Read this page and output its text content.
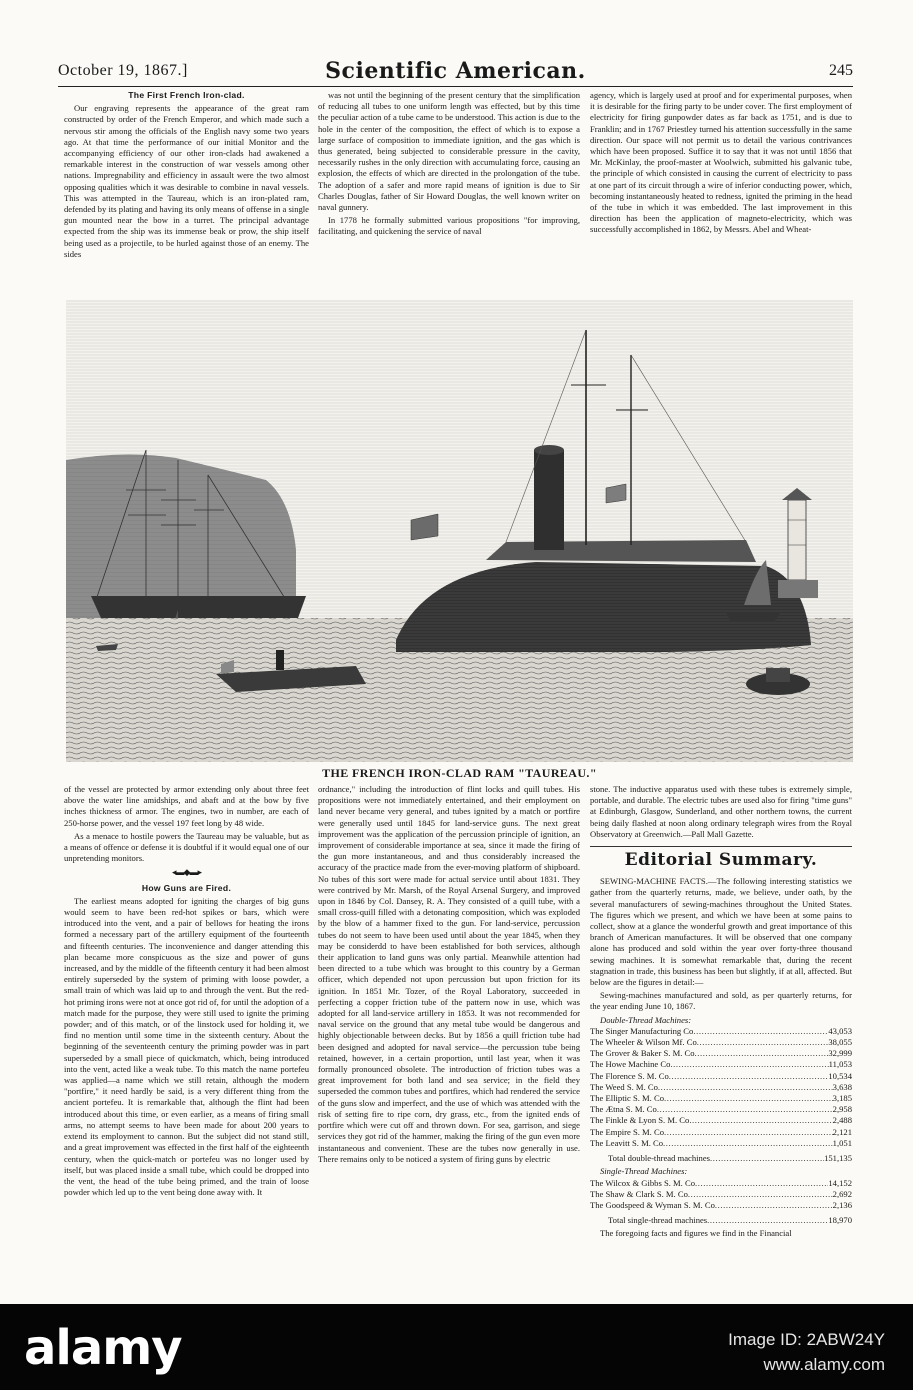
October 19, 1867.]	Scientific American.	245
The First French Iron-clad.

Our engraving represents the appearance of the great ram constructed by order of the French Emperor, and which made such a nervous stir among the officials of the English navy some two years ago. At that time the performance of our initial Monitor and the accompanying efficiency of our other iron-clads had awakened a remarkable interest in the construction of war vessels among other nations. Impregnability and efficiency in assault were the two almost opposing qualities which it was desirable to combine in naval vessels. This was attempted in the Taureau, which is an iron-plated ram, defended by its plating and having its only means of offense in a single gun mounted near the bow in a turret. The principal advantage expected from the ship was its immense beak or prow, the ship itself being used as a projectile, to be hurled against those of an enemy. The sides

was not until the beginning of the present century that the simplification of reducing all tubes to one uniform length was effected, but by this time the peculiar action of a tube came to be understood. This action is due to the hole in the center of the composition, the effect of which is to expose a large surface of composition to immediate ignition, and the gas which is thus generated, being subjected to considerable pressure in the cavity, necessarily rushes in the only direction with accumulating force, causing an explosion, the effects of which are directed in the prolongation of the tube. The adoption of a safer and more rapid means of ignition is due to Sir Charles Douglas, father of Sir Howard Douglas, the well known writer on naval gunnery.

In 1778 he formally submitted various propositions "for improving, facilitating, and quickening the service of naval

agency, which is largely used at proof and for experimental purposes, when it is desirable for the firing party to be under cover. The first employment of electricity for firing gunpowder dates as far back as 1751, and is due to Franklin; and in 1767 Priestley turned his attention successfully in the same direction. Our space will not permit us to detail the various contrivances which have been proposed. Suffice it to say that it was not until 1856 that Mr. McKinlay, the proof-master at Woolwich, submitted his galvanic tube, the principle of which consisted in causing the current of electricity to pass at one part of its circuit through a wire of inferior conducting power, which, becoming instantaneously heated to redness, ignited the priming in the head of the tube in which it was embedded. The last improvement in this direction has been the application of magneto-electricity, which was successfully accomplished in 1862, by Messrs. Abel and Wheat-

THE FRENCH IRON-CLAD RAM "TAUREAU."

of the vessel are protected by armor extending only about three feet above the water line amidships, and abaft and at the bow by five inches thickness of armor. The engines, two in number, are each of 250-horse power, and the vessel 197 feet long by 48 wide.

As a menace to hostile powers the Taureau may be valuable, but as a means of offence or defense it is doubtful if it would equal one of our unpretending monitors.

◂▬◆▬▸
How Guns are Fired.

The earliest means adopted for igniting the charges of big guns would seem to have been red-hot spikes or bars, which were introduced into the vent, and a pair of bellows for heating the irons formed a necessary part of the artillery equipment of the fourteenth and fifteenth centuries. The inconvenience and danger attending this plan became more conspicuous as the size and power of guns increased, and by the middle of the fifteenth century it had been almost entirely superseded by the system of priming with loose powder, a small train of which was laid up to and through the vent. But the red-hot priming irons were not at once got rid of, for until the adoption of a match made for the purpose, they were still used to ignite the priming powder; and of this match, or of the linstock used for holding it, we find no mention until some time in the sixteenth century. About the beginning of the seventeenth century the priming powder was in part superseded by a small piece of quickmatch, which, being introduced into the vent, acted like a weak tube. To this match the name portefeu was applied—a name which we still retain, although the modern "portfire," it need hardly be said, is a very different thing from the ancient portefeu. It is remarkable that, although the flint had been introduced about this time, or even earlier, as a means of firing small arms, no attempt seems to have been made for about 200 years to extend its employment to cannon. But the subject did not stand still, and a great improvement was effected in the first half of the eighteenth century, when the quick-match or portefeu was no longer used by itself, but was placed inside a small tube, which could be dropped into the vent, the head of the tube being primed, and the train of loose powder which led up to the vent being done away with. It

ordnance," including the introduction of flint locks and quill tubes. His propositions were not immediately entertained, and their employment on land never became very general, and tubes ignited by a match or portfire were generally used until 1845 for land-service guns. The next great improvement was the application of the percussion principle of ignition, an improvement of considerable importance at sea, since it made the firing of the gun more instantaneous, and and thus considerably increased the accuracy of the practice made from the ever-moving platform of shipboard. No tubes of this sort were made for actual service until about 1831. They were contrived by Mr. Marsh, of the Royal Arsenal Surgery, and improved upon in 1846 by Col. Dansey, R. A. They consisted of a quill tube, with a small cross-quill filled with a detonating composition, which was exploded by the blow of a hammer fixed to the gun. For land-service, percussion tubes do not seem to have been used until about the year 1845, when they may be considerdd to have been established for both services, although their application to land guns was only partial. Meanwhile attention had been directed to a tube which was brought to this country by a German officer, which depended not upon percussion but upon friction for its ignition. In 1851 Mr. Tozer, of the Royal Laboratory, succeeded in perfecting a copper friction tube of the pattern now in use, which was adopted for all land-service artillery in 1853. It was not recommended for naval service on the ground that any metal tube would be dangerous and highly objectionable between decks. But by 1856 a quill friction tube had been designed and adopted for naval service—the percussion tube being retained, however, in a certain proportion, until last year, when it was formally pronounced obsolete. The introduction of friction tubes was a great improvement for both land and sea service; in the field they superseded the common tubes and portfires, which had rendered the service of the guns slow and imperfect, and the use of which was attended with the risk of setting fire to ripe corn, dry grass, etc., from the ignited ends of portfire which were cut off and thrown down. For sea, garrison, and siege services they got rid of the hammer, making the firing of the gun even more instantaneous and convenient. These are the tubes now generally in use. There remains only to be noticed a system of firing guns by electric

stone. The inductive apparatus used with these tubes is extremely simple, portable, and durable. The electric tubes are used also for firing "time guns" at Edinburgh, Glasgow, Sunderland, and other northern towns, the current being daily flashed at noon along ordinary telegraph wires from the Royal Observatory at Greenwich.—Pall Mall Gazette.

Editorial Summary.

SEWING-MACHINE FACTS.—The following interesting statistics we gather from the quarterly returns, made, we believe, under oath, by the several manufacturers of sewing-machines throughout the United States. The figures which we present, and which we have been at some pains to collect, show at a glance the wonderful growth and great importance of this branch of American manufactures. It will be observed that one company alone has produced and sold within the year over forty-three thousand sewing machines. It is somewhat remarkable that, during the recent stagnation in trade, this business has been but slightly, if at all, affected. But below are the figures in detail:—

Sewing-machines manufactured and sold, as per quarterly returns, for the year ending June 10, 1867.

Double-Thread Machines:
The Singer Manufacturing Co .....	43,053
The Wheeler & Wilson Mf. Co .....	38,055
The Grover & Baker S. M. Co .....	32,999
The Howe Machine Co .....	11,053
The Florence S. M. Co .....	10,534
The Weed S. M. Co .....	3,638
The Elliptic S. M. Co .....	3,185
The Ætna S. M. Co .....	2,958
The Finkle & Lyon S. M. Co .....	2,488
The Empire S. M. Co .....	2,121
The Leavitt S. M. Co .....	1,051
Total double-thread machines .....	151,135
Single-Thread Machines:
The Wilcox & Gibbs S. M. Co .....	14,152
The Shaw & Clark S. M. Co .....	2,692
The Goodspeed & Wyman S. M. Co .....	2,136
Total single-thread machines .....	18,970

The foregoing facts and figures we find in the Financial

alamy	Image ID: 2ABW24Y
www.alamy.com
